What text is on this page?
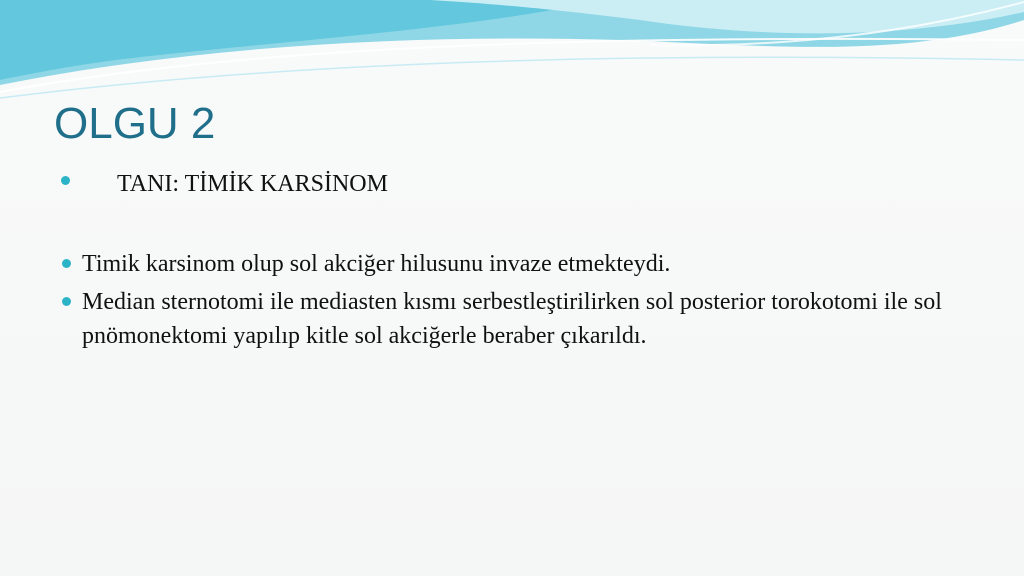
OLGU 2
TANI: TİMİK KARSİNOM
Timik karsinom olup sol akciğer hilusunu invaze etmekteydi.
Median sternotomi ile mediasten kısmı serbestleştirilirken sol posterior torokotomi ile sol pnömonektomi yapılıp kitle sol akciğerle beraber çıkarıldı.
